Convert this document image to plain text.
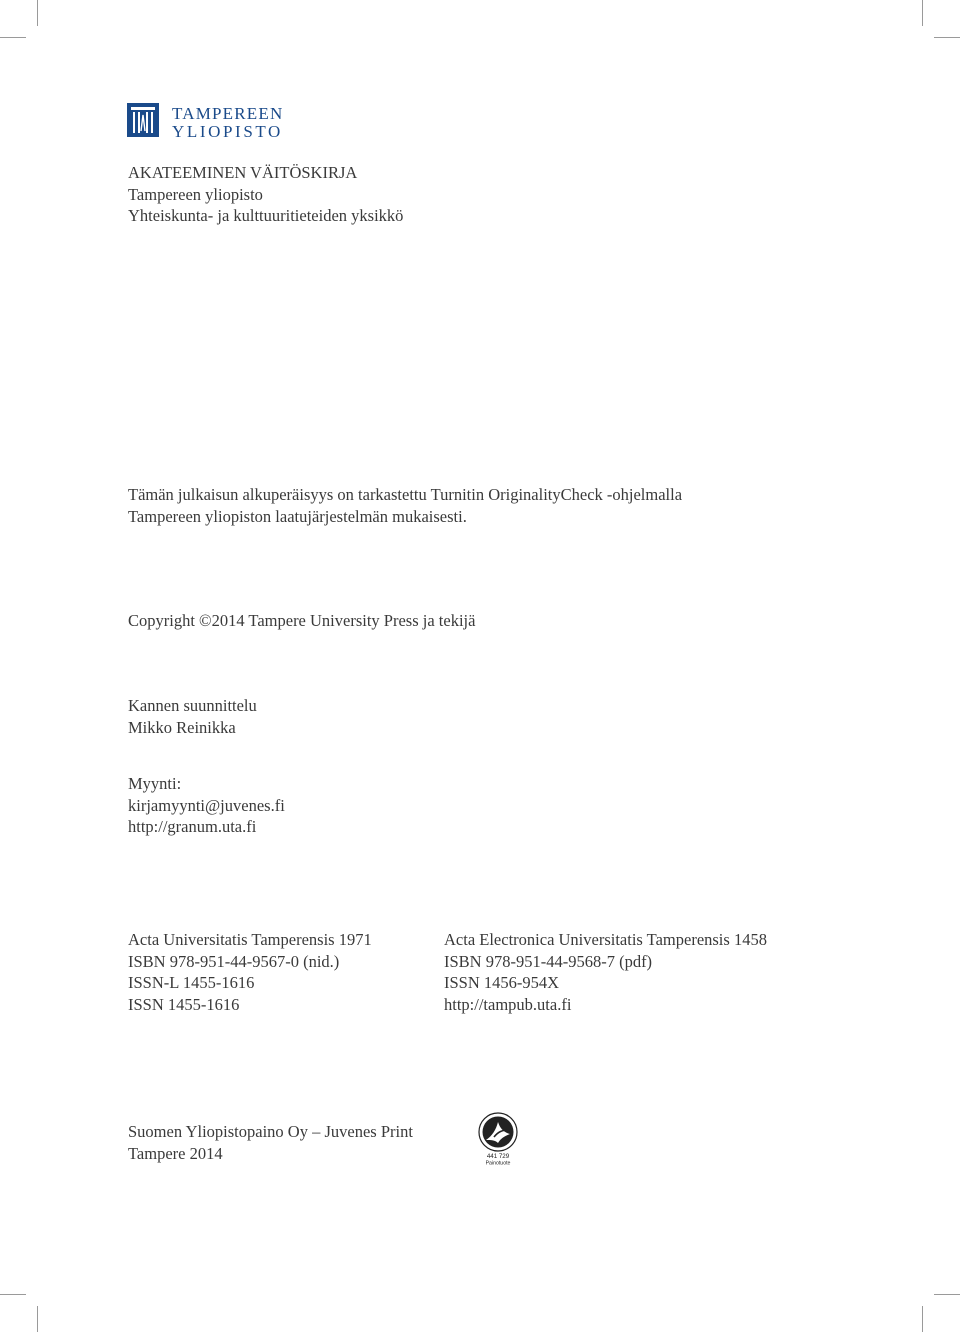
TAMPEREEN
YLIOPISTO
AKATEEMINEN VÄITÖSKIRJA
Tampereen yliopisto
Yhteiskunta- ja kulttuuritieteiden yksikkö
Tämän julkaisun alkuperäisyys on tarkastettu Turnitin OriginalityCheck -ohjelmalla
Tampereen yliopiston laatujärjestelmän mukaisesti.
Copyright ©2014 Tampere University Press ja tekijä
Kannen suunnittelu
Mikko Reinikka
Myynti:
kirjamyynti@juvenes.fi
http://granum.uta.fi
Acta Universitatis Tamperensis 1971
ISBN 978-951-44-9567-0 (nid.)
ISSN-L 1455-1616
ISSN 1455-1616
Acta Electronica Universitatis Tamperensis 1458
ISBN 978-951-44-9568-7 (pdf)
ISSN 1456-954X
http://tampub.uta.fi
Suomen Yliopistopaino Oy – Juvenes Print
Tampere 2014	441 729
Painotuote
